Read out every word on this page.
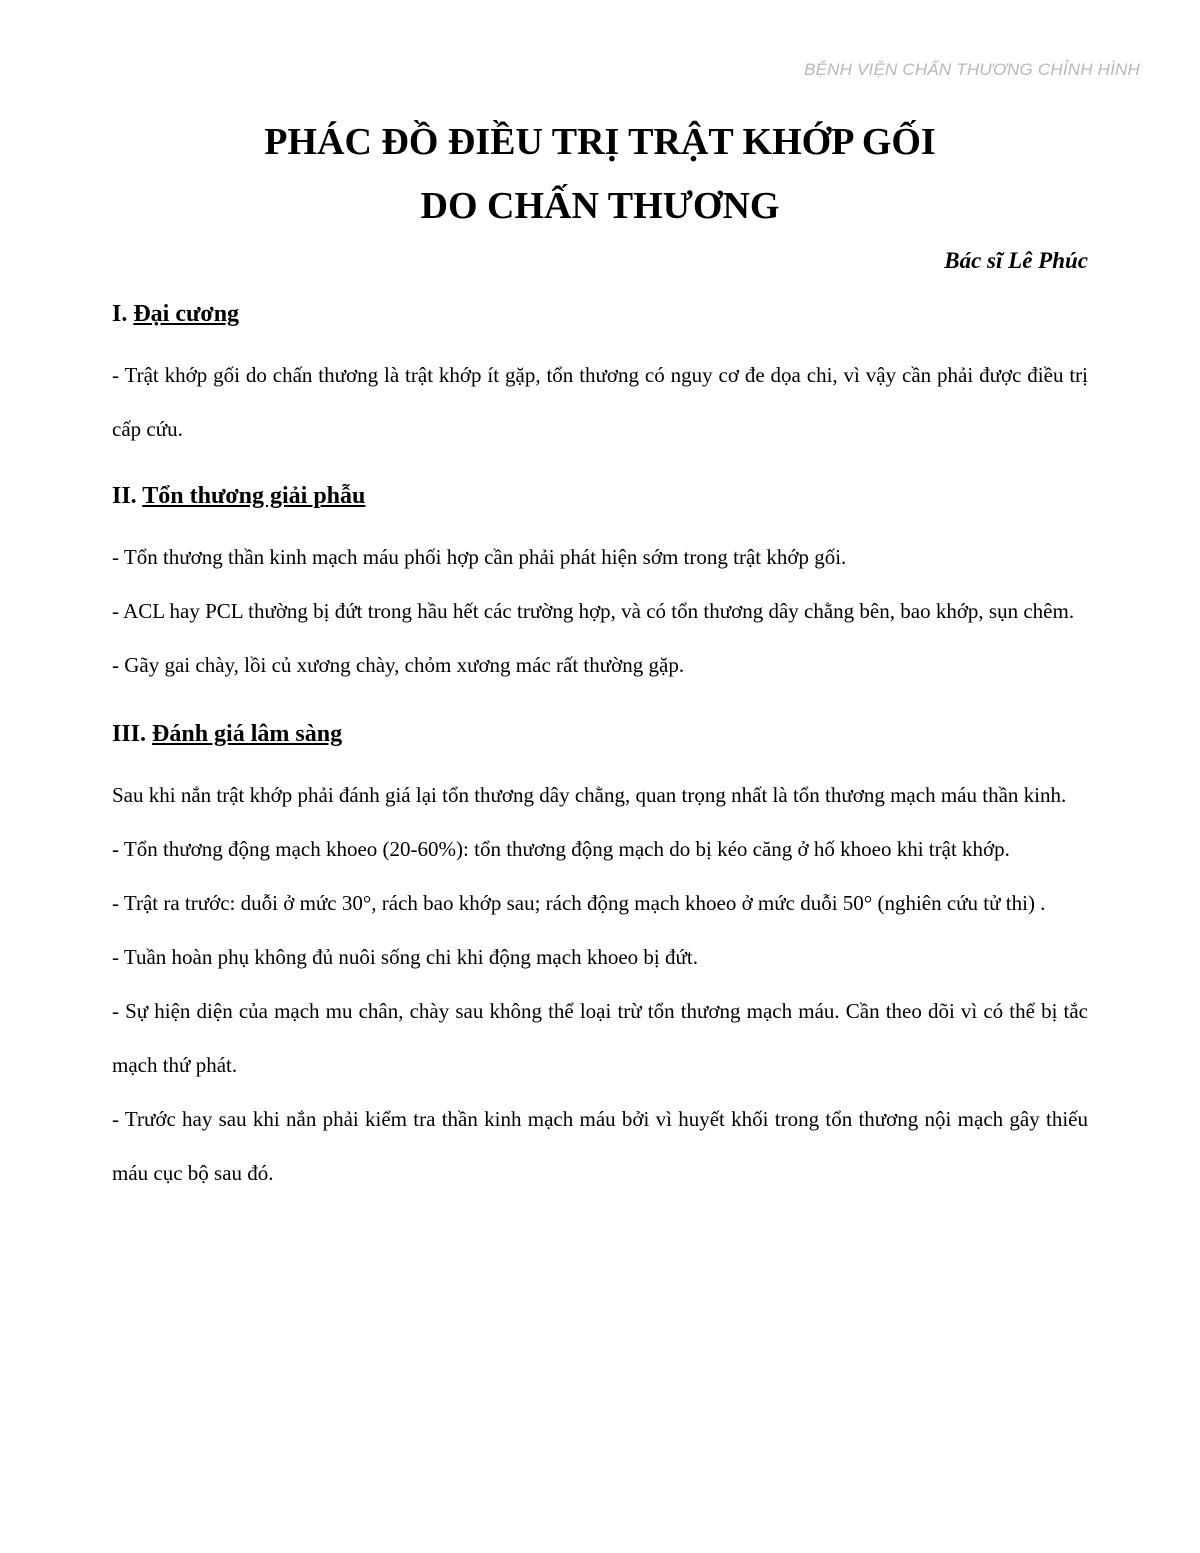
BỆNH VIỆN CHẤN THƯƠNG CHỈNH HÌNH

PHÁC ĐỒ ĐIỀU TRỊ TRẬT KHỚP GỐI

DO CHẤN THƯƠNG

Bác sĩ Lê Phúc
I. Đại cương

- Trật khớp gối do chấn thương là trật khớp ít gặp, tổn thương có nguy cơ đe dọa chi, vì vậy cần phải được điều trị cấp cứu.

II. Tổn thương giải phẫu

- Tổn thương thần kinh mạch máu phối hợp cần phải phát hiện sớm trong trật khớp gối.

- ACL hay PCL thường bị đứt trong hầu hết các trường hợp, và có tổn thương dây chằng bên, bao khớp, sụn chêm.

- Gãy gai chày, lồi củ xương chày, chỏm xương mác rất thường gặp.

III. Đánh giá lâm sàng

Sau khi nắn trật khớp phải đánh giá lại tổn thương dây chằng, quan trọng nhất là tổn thương mạch máu thần kinh.

- Tổn thương động mạch khoeo (20-60%): tổn thương động mạch do bị kéo căng ở hố khoeo khi trật khớp.

- Trật ra trước: duỗi ở mức 30°, rách bao khớp sau; rách động mạch khoeo ở mức duỗi 50° (nghiên cứu tử thi) .

- Tuần hoàn phụ không đủ nuôi sống chi khi động mạch khoeo bị đứt.

- Sự hiện diện của mạch mu chân, chày sau không thể loại trừ tổn thương mạch máu. Cần theo dõi vì có thể bị tắc mạch thứ phát.

- Trước hay sau khi nắn phải kiểm tra thần kinh mạch máu bởi vì huyết khối trong tổn thương nội mạch gây thiếu máu cục bộ sau đó.
